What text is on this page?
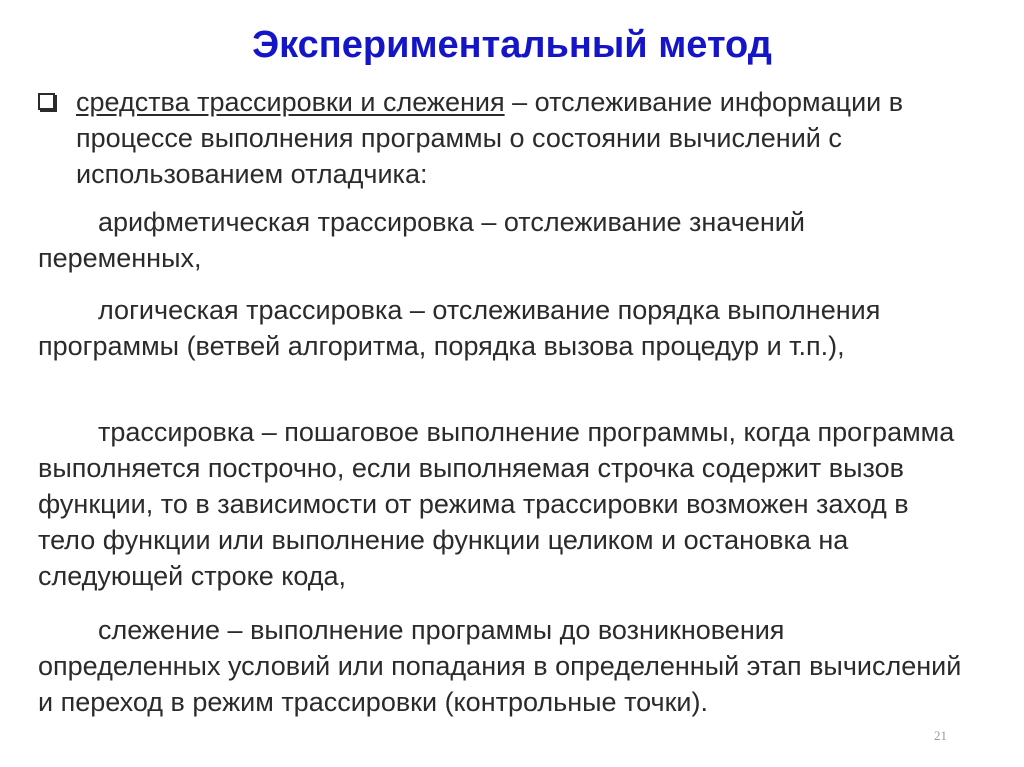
Экспериментальный метод
средства трассировки и слежения – отслеживание информации в процессе выполнения программы о состоянии вычислений с использованием отладчика:
арифметическая трассировка – отслеживание значений переменных,
логическая трассировка – отслеживание порядка выполнения программы (ветвей алгоритма, порядка вызова процедур и т.п.),
трассировка – пошаговое выполнение программы, когда программа выполняется построчно, если выполняемая строчка содержит вызов функции, то в зависимости от режима трассировки возможен заход в тело функции или выполнение функции целиком и остановка на следующей строке кода,
слежение – выполнение программы до возникновения определенных условий или попадания в определенный этап вычислений и переход в режим трассировки (контрольные точки).
21
